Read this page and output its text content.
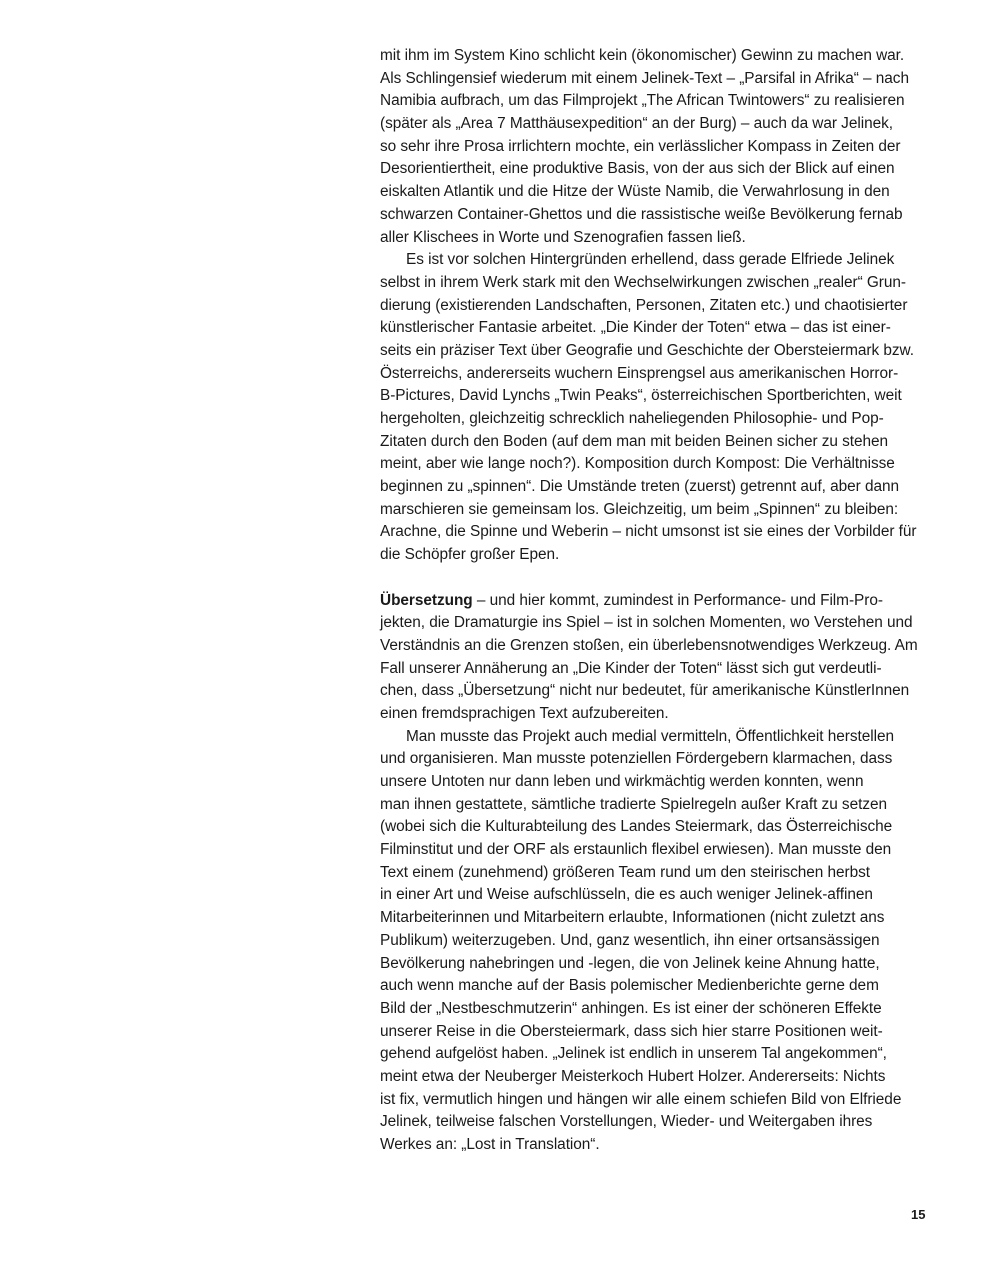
mit ihm im System Kino schlicht kein (ökonomischer) Gewinn zu machen war.
Als Schlingensief wiederum mit einem Jelinek-Text – „Parsifal in Afrika“ – nach
Namibia aufbrach, um das Filmprojekt „The African Twintowers“ zu realisieren
(später als „Area 7 Matthäusexpedition“ an der Burg) – auch da war Jelinek,
so sehr ihre Prosa irrlichtern mochte, ein verlässlicher Kompass in Zeiten der
Desorientiertheit, eine produktive Basis, von der aus sich der Blick auf einen
eiskalten Atlantik und die Hitze der Wüste Namib, die Verwahrlosung in den
schwarzen Container-Ghettos und die rassistische weiße Bevölkerung fernab
aller Klischees in Worte und Szenografien fassen ließ.
Es ist vor solchen Hintergründen erhellend, dass gerade Elfriede Jelinek
selbst in ihrem Werk stark mit den Wechselwirkungen zwischen „realer“ Grun-
dierung (existierenden Landschaften, Personen, Zitaten etc.) und chaotisierter
künstlerischer Fantasie arbeitet. „Die Kinder der Toten“ etwa – das ist einer-
seits ein präziser Text über Geografie und Geschichte der Obersteiermark bzw.
Österreichs, andererseits wuchern Einsprengsel aus amerikanischen Horror-
B-Pictures, David Lynchs „Twin Peaks“, österreichischen Sportberichten, weit
hergeholten, gleichzeitig schrecklich naheliegenden Philosophie- und Pop-
Zitaten durch den Boden (auf dem man mit beiden Beinen sicher zu stehen
meint, aber wie lange noch?). Komposition durch Kompost: Die Verhältnisse
beginnen zu „spinnen“. Die Umstände treten (zuerst) getrennt auf, aber dann
marschieren sie gemeinsam los. Gleichzeitig, um beim „Spinnen“ zu bleiben:
Arachne, die Spinne und Weberin – nicht umsonst ist sie eines der Vorbilder für
die Schöpfer großer Epen.
Übersetzung – und hier kommt, zumindest in Performance- und Film-Pro-
jekten, die Dramaturgie ins Spiel – ist in solchen Momenten, wo Verstehen und
Verständnis an die Grenzen stoßen, ein überlebensnotwendiges Werkzeug. Am
Fall unserer Annäherung an „Die Kinder der Toten“ lässt sich gut verdeutli-
chen, dass „Übersetzung“ nicht nur bedeutet, für amerikanische KünstlerInnen
einen fremdsprachigen Text aufzubereiten.
Man musste das Projekt auch medial vermitteln, Öffentlichkeit herstellen
und organisieren. Man musste potenziellen Fördergebern klarmachen, dass
unsere Untoten nur dann leben und wirkmächtig werden konnten, wenn
man ihnen gestattete, sämtliche tradierte Spielregeln außer Kraft zu setzen
(wobei sich die Kulturabteilung des Landes Steiermark, das Österreichische
Filminstitut und der ORF als erstaunlich flexibel erwiesen). Man musste den
Text einem (zunehmend) größeren Team rund um den steirischen herbst
in einer Art und Weise aufschlüsseln, die es auch weniger Jelinek-affinen
Mitarbeiterinnen und Mitarbeitern erlaubte, Informationen (nicht zuletzt ans
Publikum) weiterzugeben. Und, ganz wesentlich, ihn einer ortsansässigen
Bevölkerung nahebringen und -legen, die von Jelinek keine Ahnung hatte,
auch wenn manche auf der Basis polemischer Medienberichte gerne dem
Bild der „Nestbeschmutzerin“ anhingen. Es ist einer der schöneren Effekte
unserer Reise in die Obersteiermark, dass sich hier starre Positionen weit-
gehend aufgelöst haben. „Jelinek ist endlich in unserem Tal angekommen“,
meint etwa der Neuberger Meisterkoch Hubert Holzer. Andererseits: Nichts
ist fix, vermutlich hingen und hängen wir alle einem schiefen Bild von Elfriede
Jelinek, teilweise falschen Vorstellungen, Wieder- und Weitergaben ihres
Werkes an: „Lost in Translation“.
15
